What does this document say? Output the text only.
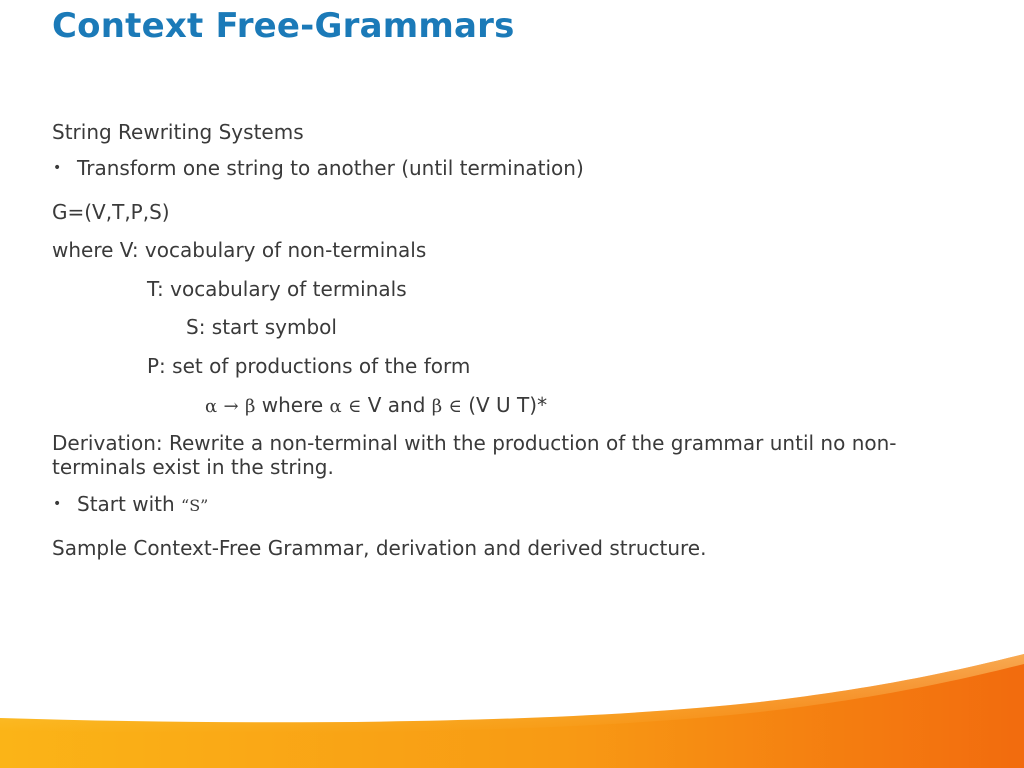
Context Free-Grammars
String Rewriting Systems
• Transform one string to another (until termination)
G=(V,T,P,S)
where V: vocabulary of non-terminals
T: vocabulary of terminals
S: start symbol
P: set of productions of the form
α → β where α ∈ V and β ∈ (V U T)*
Derivation: Rewrite a non-terminal with the production of the grammar until no non-terminals exist in the string.
• Start with “S”
Sample Context-Free Grammar, derivation and derived structure.
